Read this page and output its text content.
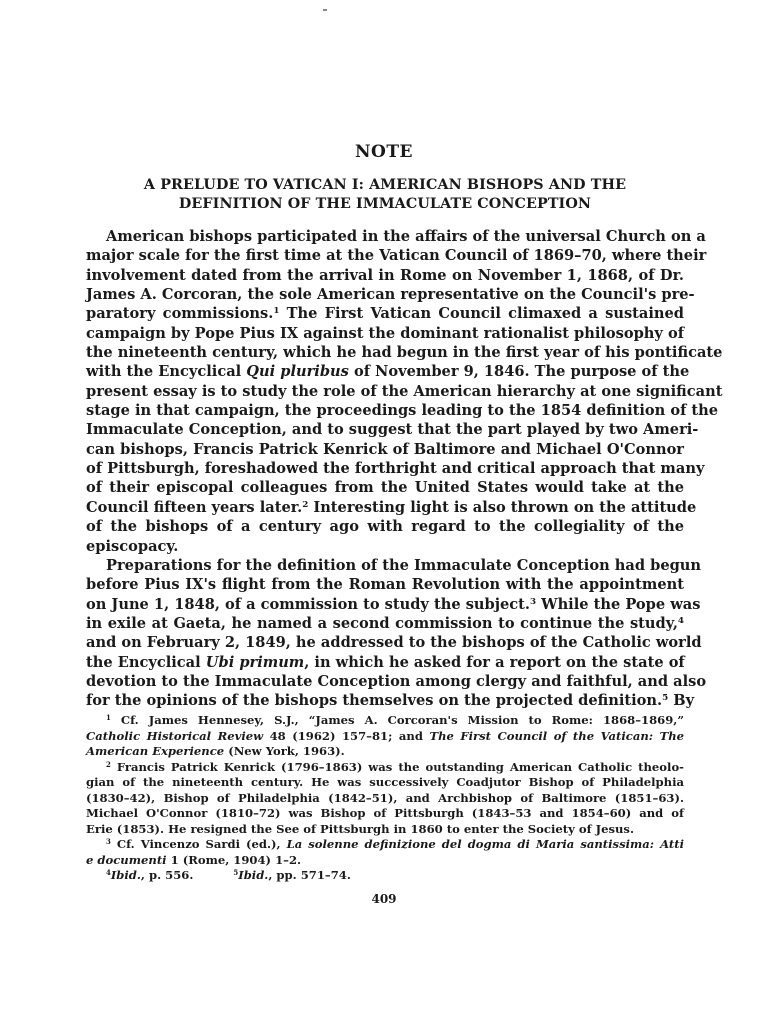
NOTE
A PRELUDE TO VATICAN I: AMERICAN BISHOPS AND THE
DEFINITION OF THE IMMACULATE CONCEPTION
American bishops participated in the affairs of the universal Church on a
major scale for the first time at the Vatican Council of 1869–70, where their
involvement dated from the arrival in Rome on November 1, 1868, of Dr.
James A. Corcoran, the sole American representative on the Council's pre-
paratory commissions.$^1$ The First Vatican Council climaxed a sustained
campaign by Pope Pius IX against the dominant rationalist philosophy of
the nineteenth century, which he had begun in the first year of his pontificate
with the Encyclical Qui pluribus of November 9, 1846. The purpose of the
present essay is to study the role of the American hierarchy at one significant
stage in that campaign, the proceedings leading to the 1854 definition of the
Immaculate Conception, and to suggest that the part played by two Ameri-
can bishops, Francis Patrick Kenrick of Baltimore and Michael O'Connor
of Pittsburgh, foreshadowed the forthright and critical approach that many
of their episcopal colleagues from the United States would take at the
Council fifteen years later.$^2$ Interesting light is also thrown on the attitude
of the bishops of a century ago with regard to the collegiality of the
episcopacy.
Preparations for the definition of the Immaculate Conception had begun
before Pius IX's flight from the Roman Revolution with the appointment
on June 1, 1848, of a commission to study the subject.$^3$ While the Pope was
in exile at Gaeta, he named a second commission to continue the study,$^4$
and on February 2, 1849, he addressed to the bishops of the Catholic world
the Encyclical Ubi primum, in which he asked for a report on the state of
devotion to the Immaculate Conception among clergy and faithful, and also
for the opinions of the bishops themselves on the projected definition.$^5$ By
$^1$ Cf. James Hennesey, S.J., “James A. Corcoran's Mission to Rome: 1868–1869,”
Catholic Historical Review 48 (1962) 157–81; and The First Council of the Vatican: The
American Experience (New York, 1963).
$^2$ Francis Patrick Kenrick (1796–1863) was the outstanding American Catholic theolo-
gian of the nineteenth century. He was successively Coadjutor Bishop of Philadelphia
(1830–42), Bishop of Philadelphia (1842–51), and Archbishop of Baltimore (1851–63).
Michael O'Connor (1810–72) was Bishop of Pittsburgh (1843–53 and 1854–60) and of
Erie (1853). He resigned the See of Pittsburgh in 1860 to enter the Society of Jesus.
$^3$ Cf. Vincenzo Sardi (ed.), La solenne definizione del dogma di Maria santissima: Atti
e documenti 1 (Rome, 1904) 1–2.
$^4$Ibid., p. 556.	$^5$Ibid., pp. 571–74.
409
